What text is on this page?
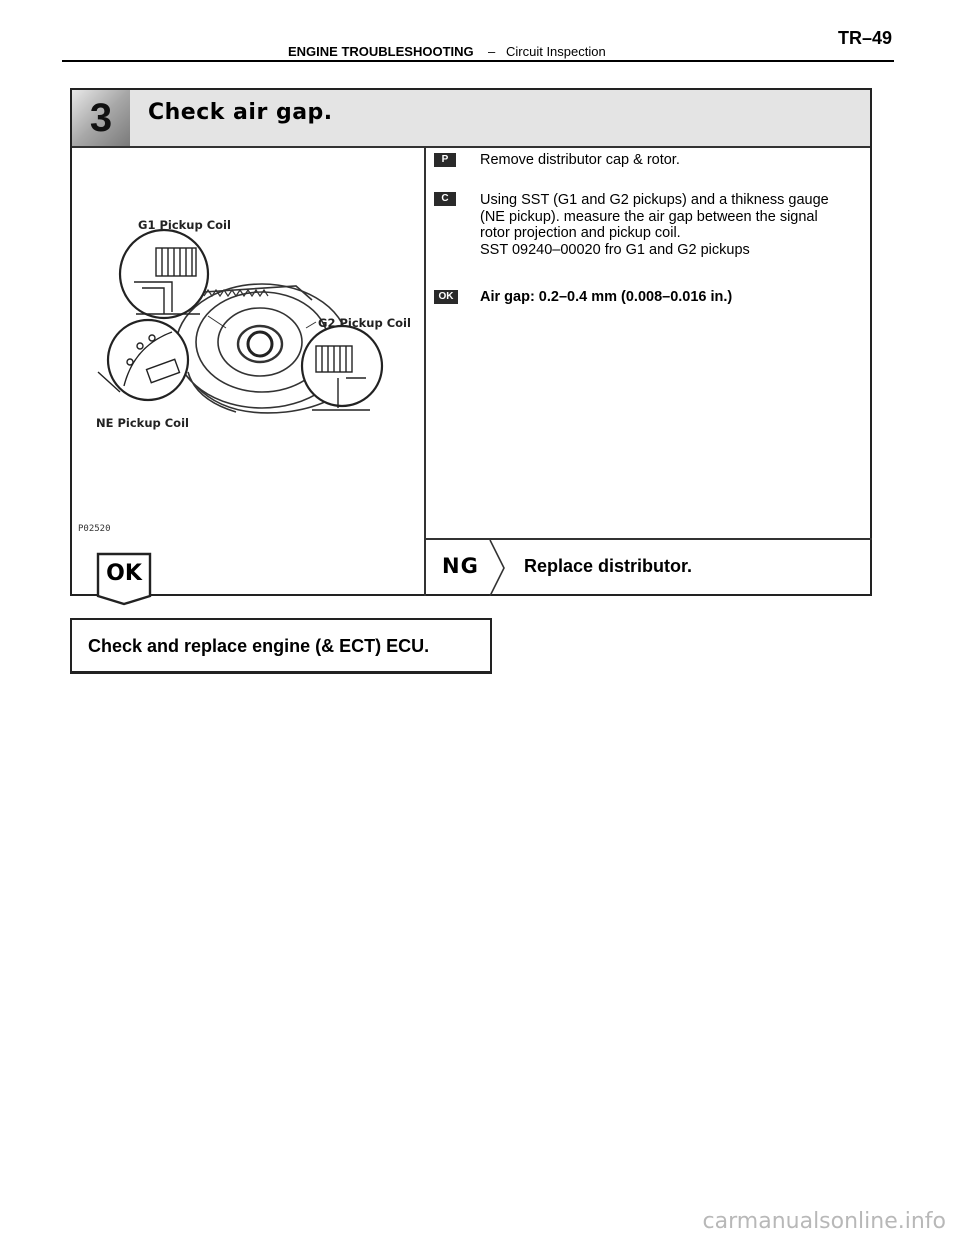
ENGINE TROUBLESHOOTING – Circuit Inspection
TR–49
3	Check air gap.
G1 Pickup Coil
G2 Pickup Coil
NE Pickup Coil
P02520
P	Remove distributor cap & rotor.
C	Using SST (G1 and G2 pickups) and a thikness gauge
(NE pickup). measure the air gap between the signal
rotor projection and pickup coil.
SST 09240–00020 fro G1 and G2 pickups
OK	Air gap: 0.2–0.4 mm (0.008–0.016 in.)
NG	Replace distributor.
OK
Check and replace engine (& ECT) ECU.
carmanualsonline.info
